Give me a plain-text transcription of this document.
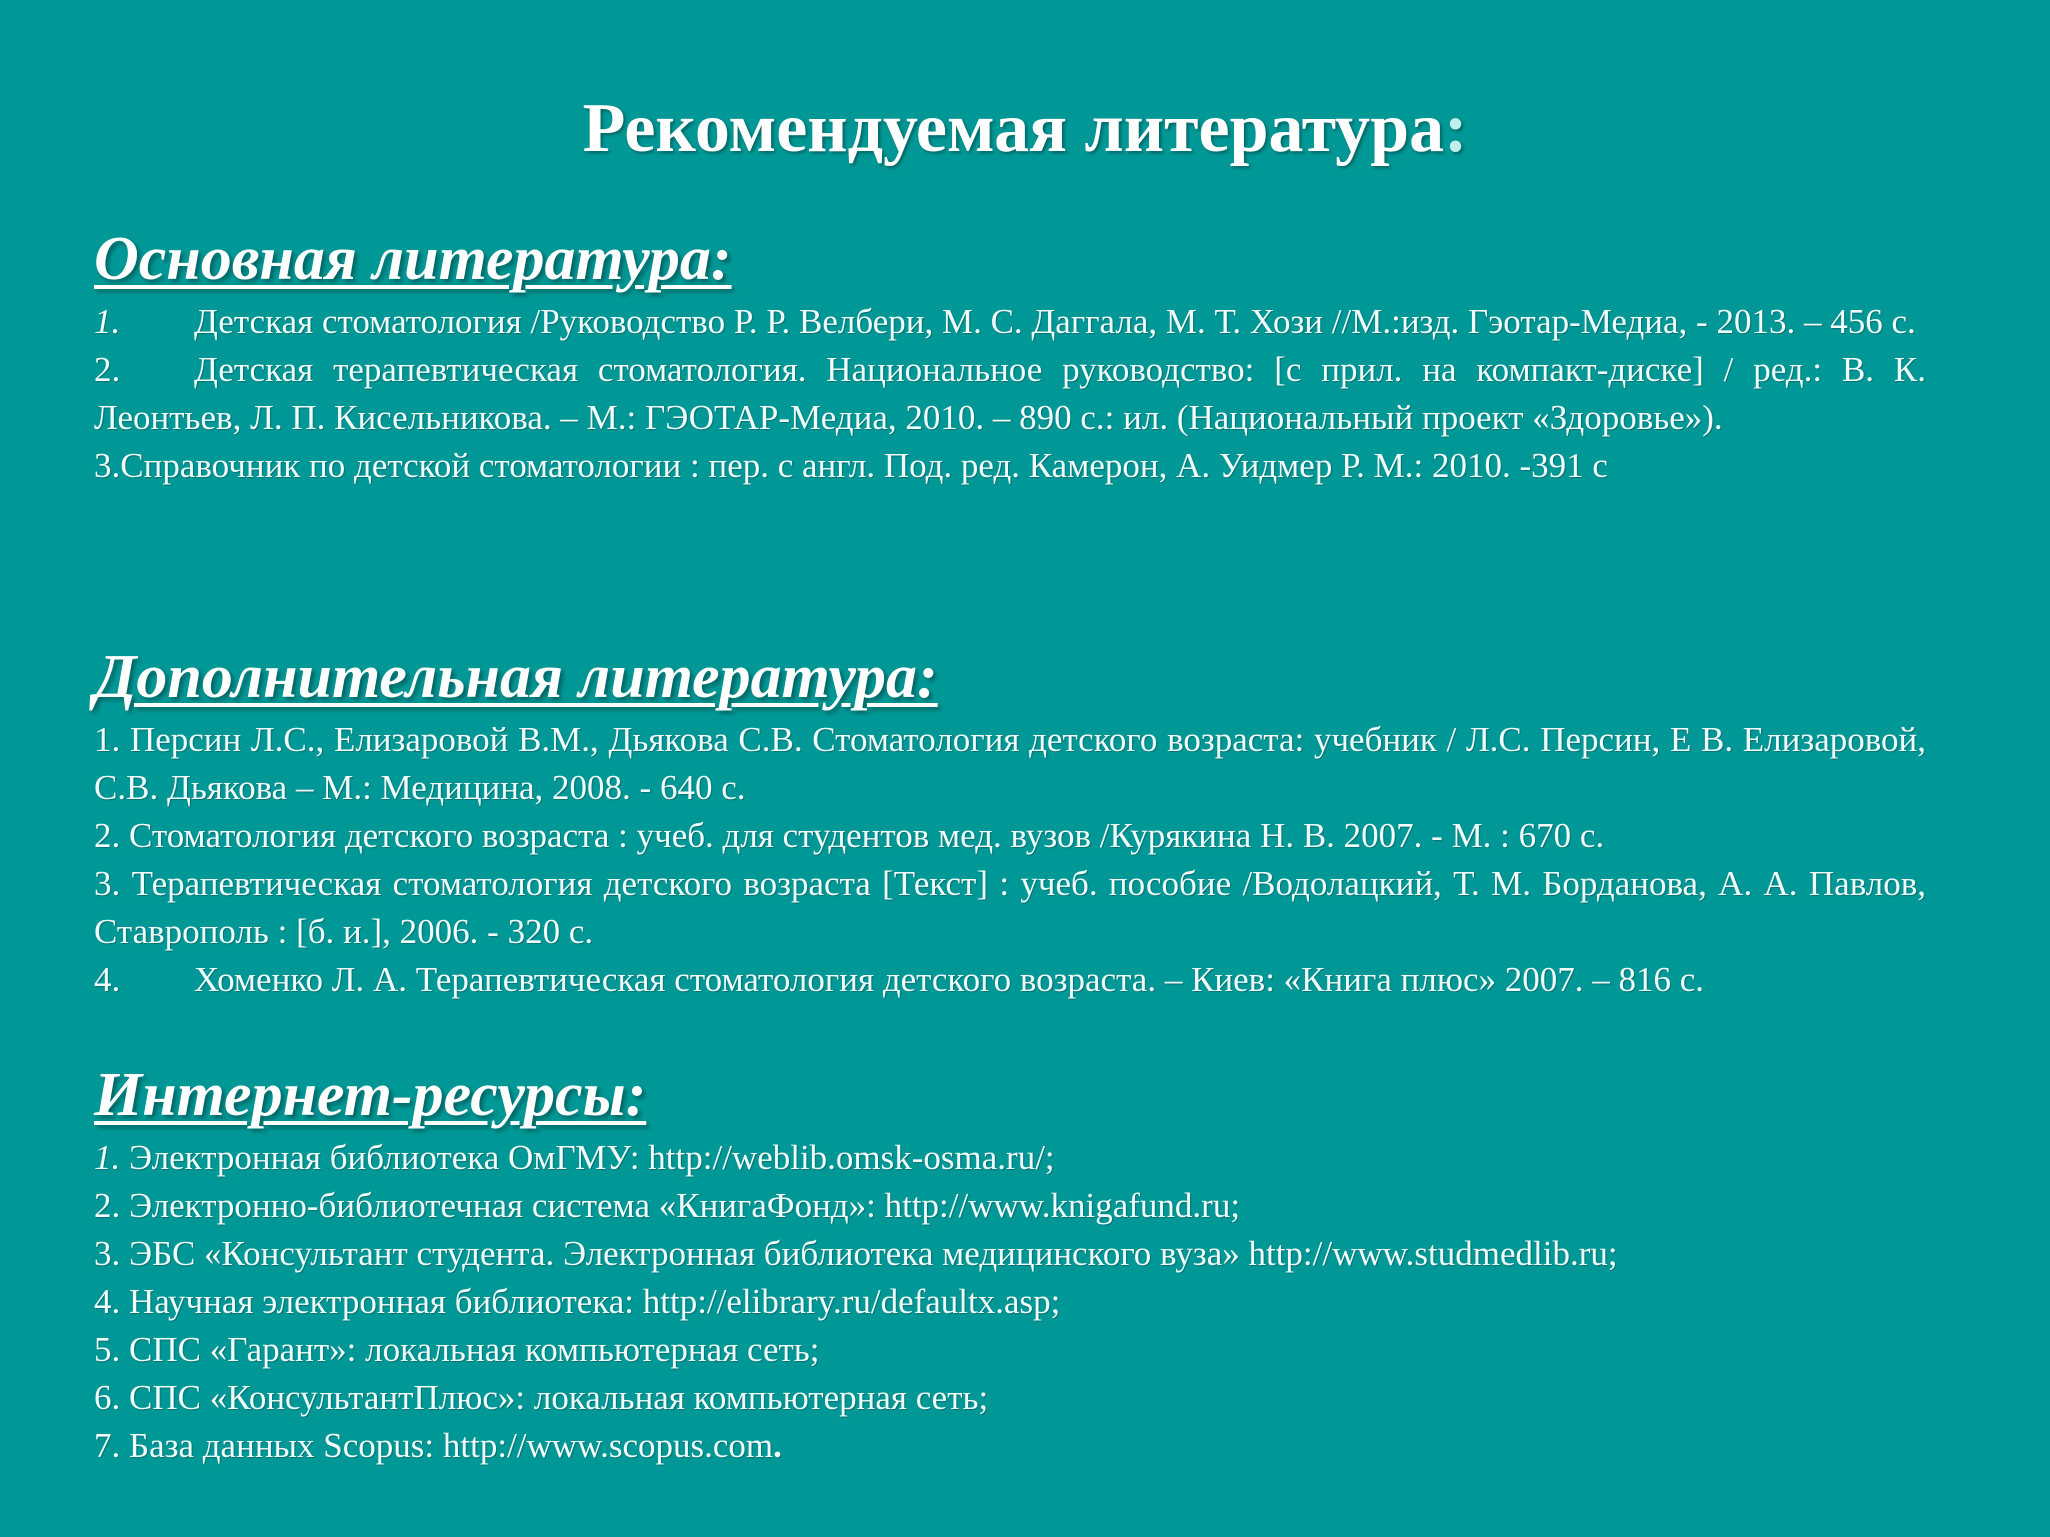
Рекомендуемая литература:
Основная литература:

1. Детская стоматология /Руководство Р. Р. Велбери, М. С. Даггала, М. Т. Хози //М.:изд. Гэотар-Медиа, - 2013. – 456 с.

2. Детская терапевтическая стоматология. Национальное руководство: [с прил. на компакт-диске] / ред.: В. К. Леонтьев, Л. П. Кисельникова. – М.: ГЭОТАР-Медиа, 2010. – 890 с.: ил. (Национальный проект «Здоровье»).

3.Справочник по детской стоматологии : пер. с англ. Под. ред. Камерон, А. Уидмер Р. М.: 2010. -391 с

Дополнительная литература:

1. Персин Л.С., Елизаровой В.М., Дьякова С.В. Стоматология детского возраста: учебник / Л.С. Персин, Е В. Елизаровой, С.В. Дьякова – М.: Медицина, 2008. - 640 с.

2. Стоматология детского возраста : учеб. для студентов мед. вузов /Курякина Н. В. 2007. - М. : 670 с.

3. Терапевтическая стоматология детского возраста [Текст] : учеб. пособие /Водолацкий, Т. М. Борданова, А. А. Павлов, Ставрополь : [б. и.], 2006. - 320 с.

4. Хоменко Л. А. Терапевтическая стоматология детского возраста. – Киев: «Книга плюс» 2007. – 816 с.

Интернет-ресурсы:

1. Электронная библиотека ОмГМУ: http://weblib.omsk-osma.ru/;

2. Электронно-библиотечная система «КнигаФонд»: http://www.knigafund.ru;

3. ЭБС «Консультант студента. Электронная библиотека медицинского вуза» http://www.studmedlib.ru;

4. Научная электронная библиотека: http://elibrary.ru/defaultx.asp;

5. СПС «Гарант»: локальная компьютерная сеть;

6. СПС «КонсультантПлюс»: локальная компьютерная сеть;

7. База данных Scopus: http://www.scopus.com.
